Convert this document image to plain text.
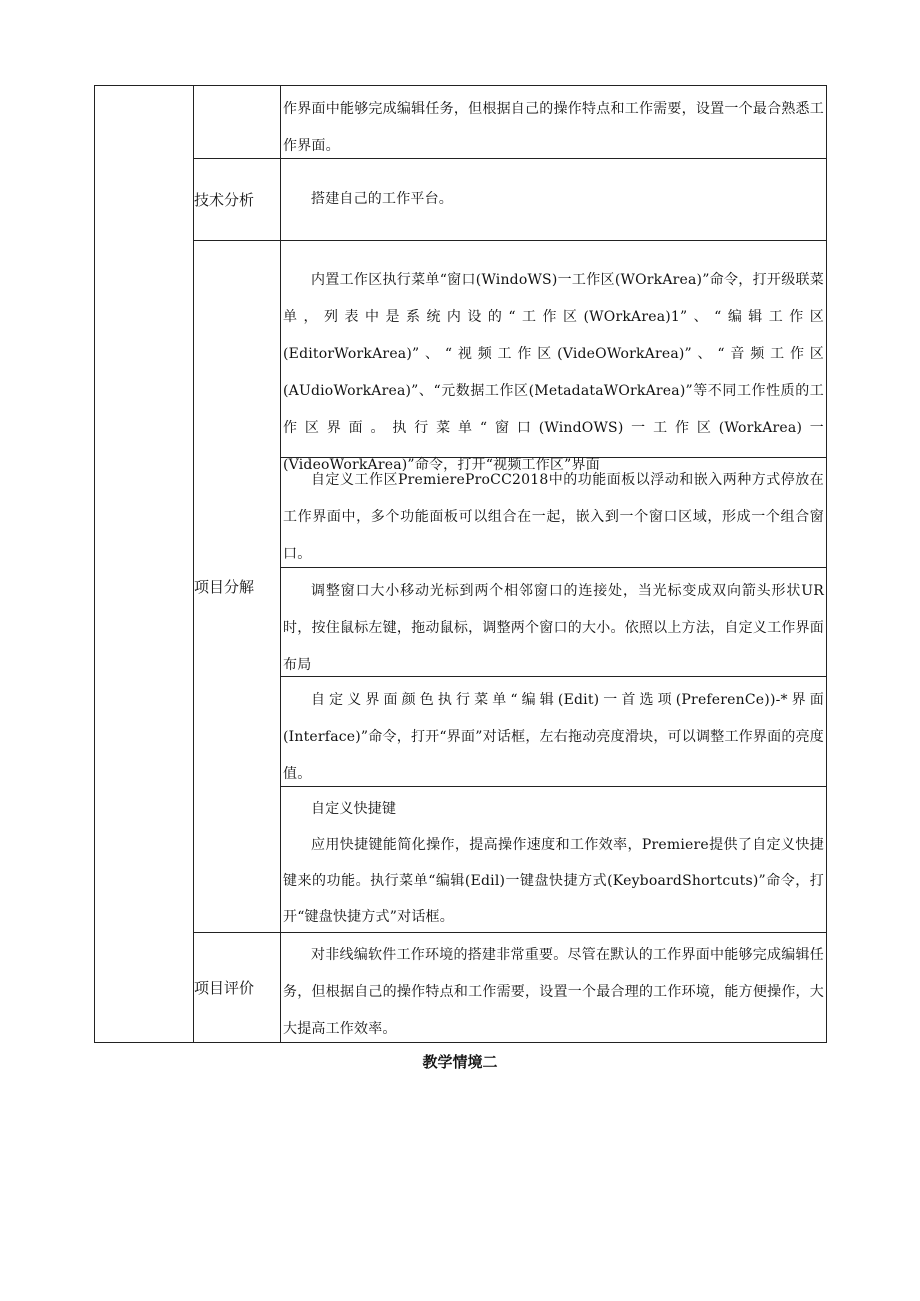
作界面中能够完成编辑任务，但根据自己的操作特点和工作需要，设置一个最合熟悉工作界面。

技术分析	搭建自己的工作平台。

项目分解

内置工作区执行菜单“窗口(WindoWS)一工作区(WOrkArea)”命令，打开级联菜单，列表中是系统内设的“工作区(WOrkArea)1”、“编辑工作区(EditorWorkArea)”、“视频工作区(VideOWorkArea)”、“音频工作区(AUdioWorkArea)”、“元数据工作区(MetadataWOrkArea)”等不同工作性质的工作区界面。执行菜单“窗口(WindOWS)一工作区(WorkArea)一(VideoWorkArea)”命令，打开“视频工作区”界面

自定义工作区PremiereProCC2018中的功能面板以浮动和嵌入两种方式停放在工作界面中，多个功能面板可以组合在一起，嵌入到一个窗口区域，形成一个组合窗口。

调整窗口大小移动光标到两个相邻窗口的连接处，当光标变成双向箭头形状UR时，按住鼠标左键，拖动鼠标，调整两个窗口的大小。依照以上方法，自定义工作界面布局

自定义界面颜色执行菜单“编辑(Edit)一首选项(PreferenCe))-*界面(Interface)”命令，打开“界面”对话框，左右拖动亮度滑块，可以调整工作界面的亮度值。

自定义快捷键

应用快捷键能简化操作，提高操作速度和工作效率，Premiere提供了自定义快捷键来的功能。执行菜单“编辑(Edil)一键盘快捷方式(KeyboardShortcuts)”命令，打开“键盘快捷方式”对话框。

项目评价

对非线编软件工作环境的搭建非常重要。尽管在默认的工作界面中能够完成编辑任务，但根据自己的操作特点和工作需要，设置一个最合理的工作环境，能方便操作，大大提高工作效率。

教学情境二
